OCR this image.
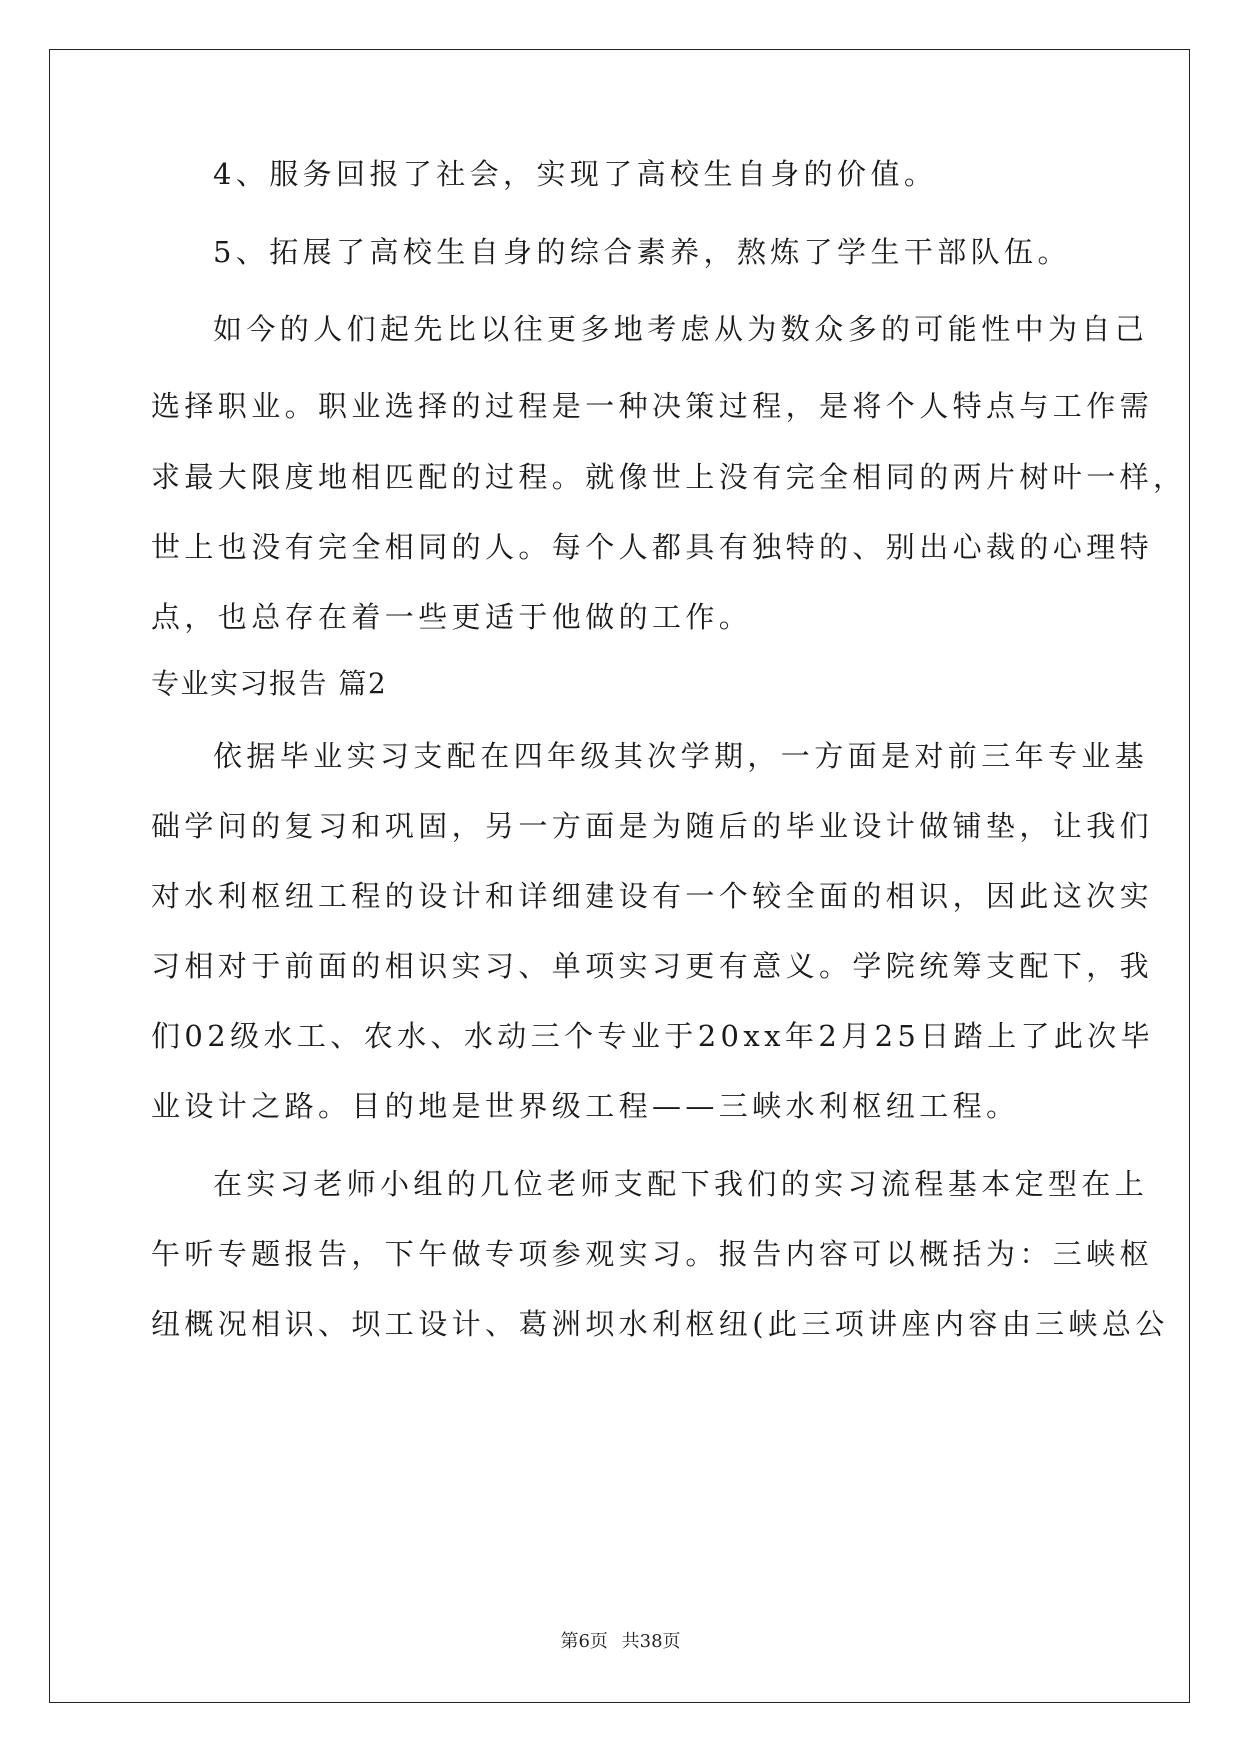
4、服务回报了社会，实现了高校生自身的价值。
5、拓展了高校生自身的综合素养，熬炼了学生干部队伍。
如今的人们起先比以往更多地考虑从为数众多的可能性中为自己
选择职业。职业选择的过程是一种决策过程，是将个人特点与工作需
求最大限度地相匹配的过程。就像世上没有完全相同的两片树叶一样，
世上也没有完全相同的人。每个人都具有独特的、别出心裁的心理特
点，也总存在着一些更适于他做的工作。
专业实习报告 篇2
依据毕业实习支配在四年级其次学期，一方面是对前三年专业基
础学问的复习和巩固，另一方面是为随后的毕业设计做铺垫，让我们
对水利枢纽工程的设计和详细建设有一个较全面的相识，因此这次实
习相对于前面的相识实习、单项实习更有意义。学院统筹支配下，我
们02级水工、农水、水动三个专业于20xx年2月25日踏上了此次毕
业设计之路。目的地是世界级工程——三峡水利枢纽工程。
在实习老师小组的几位老师支配下我们的实习流程基本定型在上
午听专题报告，下午做专项参观实习。报告内容可以概括为：三峡枢
纽概况相识、坝工设计、葛洲坝水利枢纽(此三项讲座内容由三峡总公
第6页 共38页
